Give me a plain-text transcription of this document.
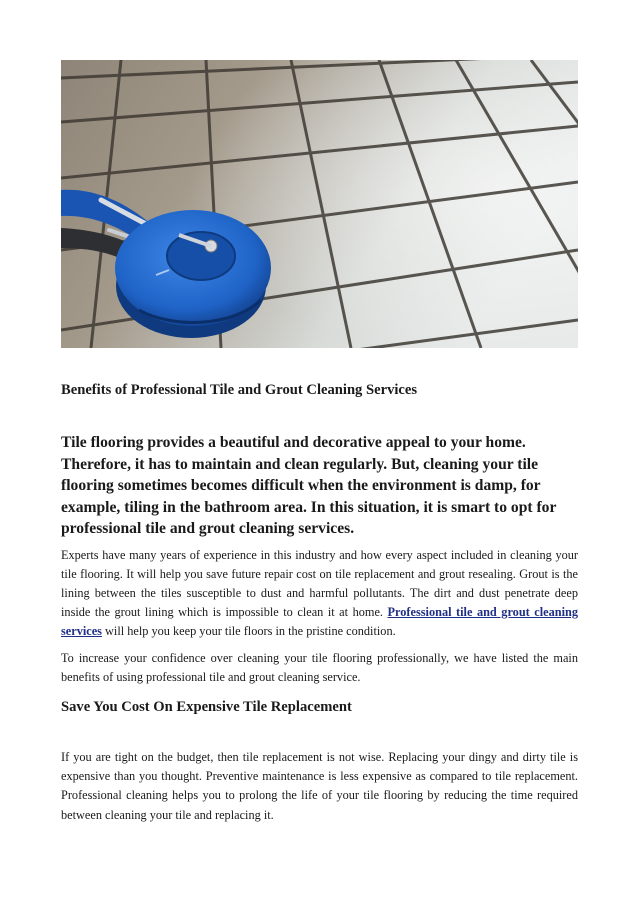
Benefits of Professional Tile and Grout Cleaning Services

Tile flooring provides a beautiful and decorative appeal to your home. Therefore, it has to maintain and clean regularly. But, cleaning your tile flooring sometimes becomes difficult when the environment is damp, for example, tiling in the bathroom area. In this situation, it is smart to opt for professional tile and grout cleaning services.

Experts have many years of experience in this industry and how every aspect included in cleaning your tile flooring. It will help you save future repair cost on tile replacement and grout resealing. Grout is the lining between the tiles susceptible to dust and harmful pollutants. The dirt and dust penetrate deep inside the grout lining which is impossible to clean it at home. Professional tile and grout cleaning services will help you keep your tile floors in the pristine condition.

To increase your confidence over cleaning your tile flooring professionally, we have listed the main benefits of using professional tile and grout cleaning service.

Save You Cost On Expensive Tile Replacement

If you are tight on the budget, then tile replacement is not wise. Replacing your dingy and dirty tile is expensive than you thought. Preventive maintenance is less expensive as compared to tile replacement. Professional cleaning helps you to prolong the life of your tile flooring by reducing the time required between cleaning your tile and replacing it.
